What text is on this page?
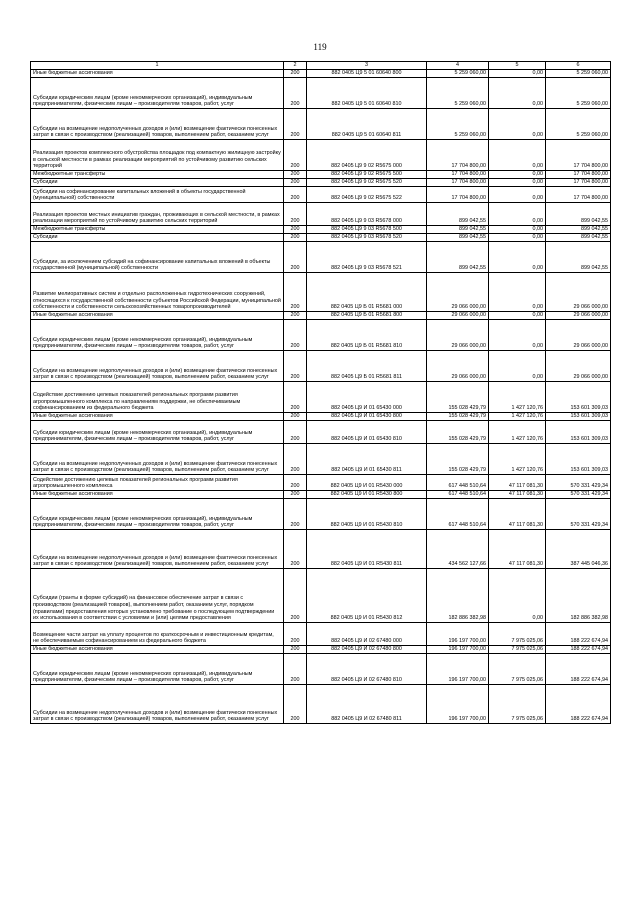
119
1	2	3	4	5	6
Иные бюджетные ассигнования	200	882 0405 Ц9 5 01 60640 800	5 259 060,00	0,00	5 259 060,00
Субсидии юридическим лицам (кроме некоммерческих организаций), индивидуальным предпринимателям, физическим лицам – производителям товаров, работ, услуг	200	882 0405 Ц9 5 01 60640 810	5 259 060,00	0,00	5 259 060,00
Субсидии на возмещение недополученных доходов и (или) возмещение фактически понесенных затрат в связи с производством (реализацией) товаров, выполнением работ, оказанием услуг	200	882 0405 Ц9 5 01 60640 811	5 259 060,00	0,00	5 259 060,00
Реализация проектов комплексного обустройства площадок под компактную жилищную застройку в сельской местности в рамках реализации мероприятий по устойчивому развитию сельских территорий	200	882 0405 Ц9 9 02 R5675 000	17 704 800,00	0,00	17 704 800,00
Межбюджетные трансферты	200	882 0405 Ц9 9 02 R5675 500	17 704 800,00	0,00	17 704 800,00
Субсидии	200	882 0405 Ц9 9 02 R5675 520	17 704 800,00	0,00	17 704 800,00
Субсидии на софинансирование капитальных вложений в объекты государственной (муниципальной) собственности	200	882 0405 Ц9 9 02 R5675 522	17 704 800,00	0,00	17 704 800,00
Реализация проектов местных инициатив граждан, проживающих в сельской местности, в рамках реализации мероприятий по устойчивому развитию сельских территорий	200	882 0405 Ц9 9 03 R5678 000	899 042,55	0,00	899 042,55
Межбюджетные трансферты	200	882 0405 Ц9 9 03 R5678 500	899 042,55	0,00	899 042,55
Субсидии	200	882 0405 Ц9 9 03 R5678 520	899 042,55	0,00	899 042,55
Субсидии, за исключением субсидий на софинансирование капитальных вложений в объекты государственной (муниципальной) собственности	200	882 0405 Ц9 9 03 R5678 521	899 042,55	0,00	899 042,55
Развитие мелиоративных систем и отдельно расположенных гидротехнических сооружений, относящихся к государственной собственности субъектов Российской Федерации, муниципальной собственности и собственности сельскохозяйственных товаропроизводителей	200	882 0405 Ц9 Б 01 R5681 000	29 066 000,00	0,00	29 066 000,00
Иные бюджетные ассигнования	200	882 0405 Ц9 Б 01 R5681 800	29 066 000,00	0,00	29 066 000,00
Субсидии юридическим лицам (кроме некоммерческих организаций), индивидуальным предпринимателям, физическим лицам – производителям товаров, работ, услуг	200	882 0405 Ц9 Б 01 R5681 810	29 066 000,00	0,00	29 066 000,00
Субсидии на возмещение недополученных доходов и (или) возмещение фактически понесенных затрат в связи с производством (реализацией) товаров, выполнением работ, оказанием услуг	200	882 0405 Ц9 Б 01 R5681 811	29 066 000,00	0,00	29 066 000,00
Содействие достижению целевых показателей региональных программ развития агропромышленного комплекса по направлениям поддержки, не обеспечиваемым софинансированием из федерального бюджета	200	882 0405 Ц9 И 01 65430 000	155 028 429,79	1 427 120,76	153 601 309,03
Иные бюджетные ассигнования	200	882 0405 Ц9 И 01 65430 800	155 028 429,79	1 427 120,76	153 601 309,03
Субсидии юридическим лицам (кроме некоммерческих организаций), индивидуальным предпринимателям, физическим лицам – производителям товаров, работ, услуг	200	882 0405 Ц9 И 01 65430 810	155 028 429,79	1 427 120,76	153 601 309,03
Субсидии на возмещение недополученных доходов и (или) возмещение фактически понесенных затрат в связи с производством (реализацией) товаров, выполнением работ, оказанием услуг	200	882 0405 Ц9 И 01 65430 811	155 028 429,79	1 427 120,76	153 601 309,03
Содействие достижению целевых показателей региональных программ развития агропромышленного комплекса	200	882 0405 Ц9 И 01 R5430 000	617 448 510,64	47 117 081,30	570 331 429,34
Иные бюджетные ассигнования	200	882 0405 Ц9 И 01 R5430 800	617 448 510,64	47 117 081,30	570 331 429,34
Субсидии юридическим лицам (кроме некоммерческих организаций), индивидуальным предпринимателям, физическим лицам – производителям товаров, работ, услуг	200	882 0405 Ц9 И 01 R5430 810	617 448 510,64	47 117 081,30	570 331 429,34
Субсидии на возмещение недополученных доходов и (или) возмещение фактически понесенных затрат в связи с производством (реализацией) товаров, выполнением работ, оказанием услуг	200	882 0405 Ц9 И 01 R5430 811	434 562 127,66	47 117 081,30	387 445 046,36
Субсидии (гранты в форме субсидий) на финансовое обеспечение затрат в связи с производством (реализацией товаров), выполнением работ, оказанием услуг, порядком (правилами) предоставления которых установлено требование о последующем подтверждении их использования в соответствии с условиями и (или) целями предоставления	200	882 0405 Ц9 И 01 R5430 812	182 886 382,98	0,00	182 886 382,98
Возмещение части затрат на уплату процентов по краткосрочным и инвестиционным кредитам, не обеспечиваемым софинансированием из федерального бюджета	200	882 0405 Ц9 И 02 67480 000	196 197 700,00	7 975 025,06	188 222 674,94
Иные бюджетные ассигнования	200	882 0405 Ц9 И 02 67480 800	196 197 700,00	7 975 025,06	188 222 674,94
Субсидии юридическим лицам (кроме некоммерческих организаций), индивидуальным предпринимателям, физическим лицам – производителям товаров, работ, услуг	200	882 0405 Ц9 И 02 67480 810	196 197 700,00	7 975 025,06	188 222 674,94
Субсидии на возмещение недополученных доходов и (или) возмещение фактически понесенных затрат в связи с производством (реализацией) товаров, выполнением работ, оказанием услуг	200	882 0405 Ц9 И 02 67480 811	196 197 700,00	7 975 025,06	188 222 674,94
